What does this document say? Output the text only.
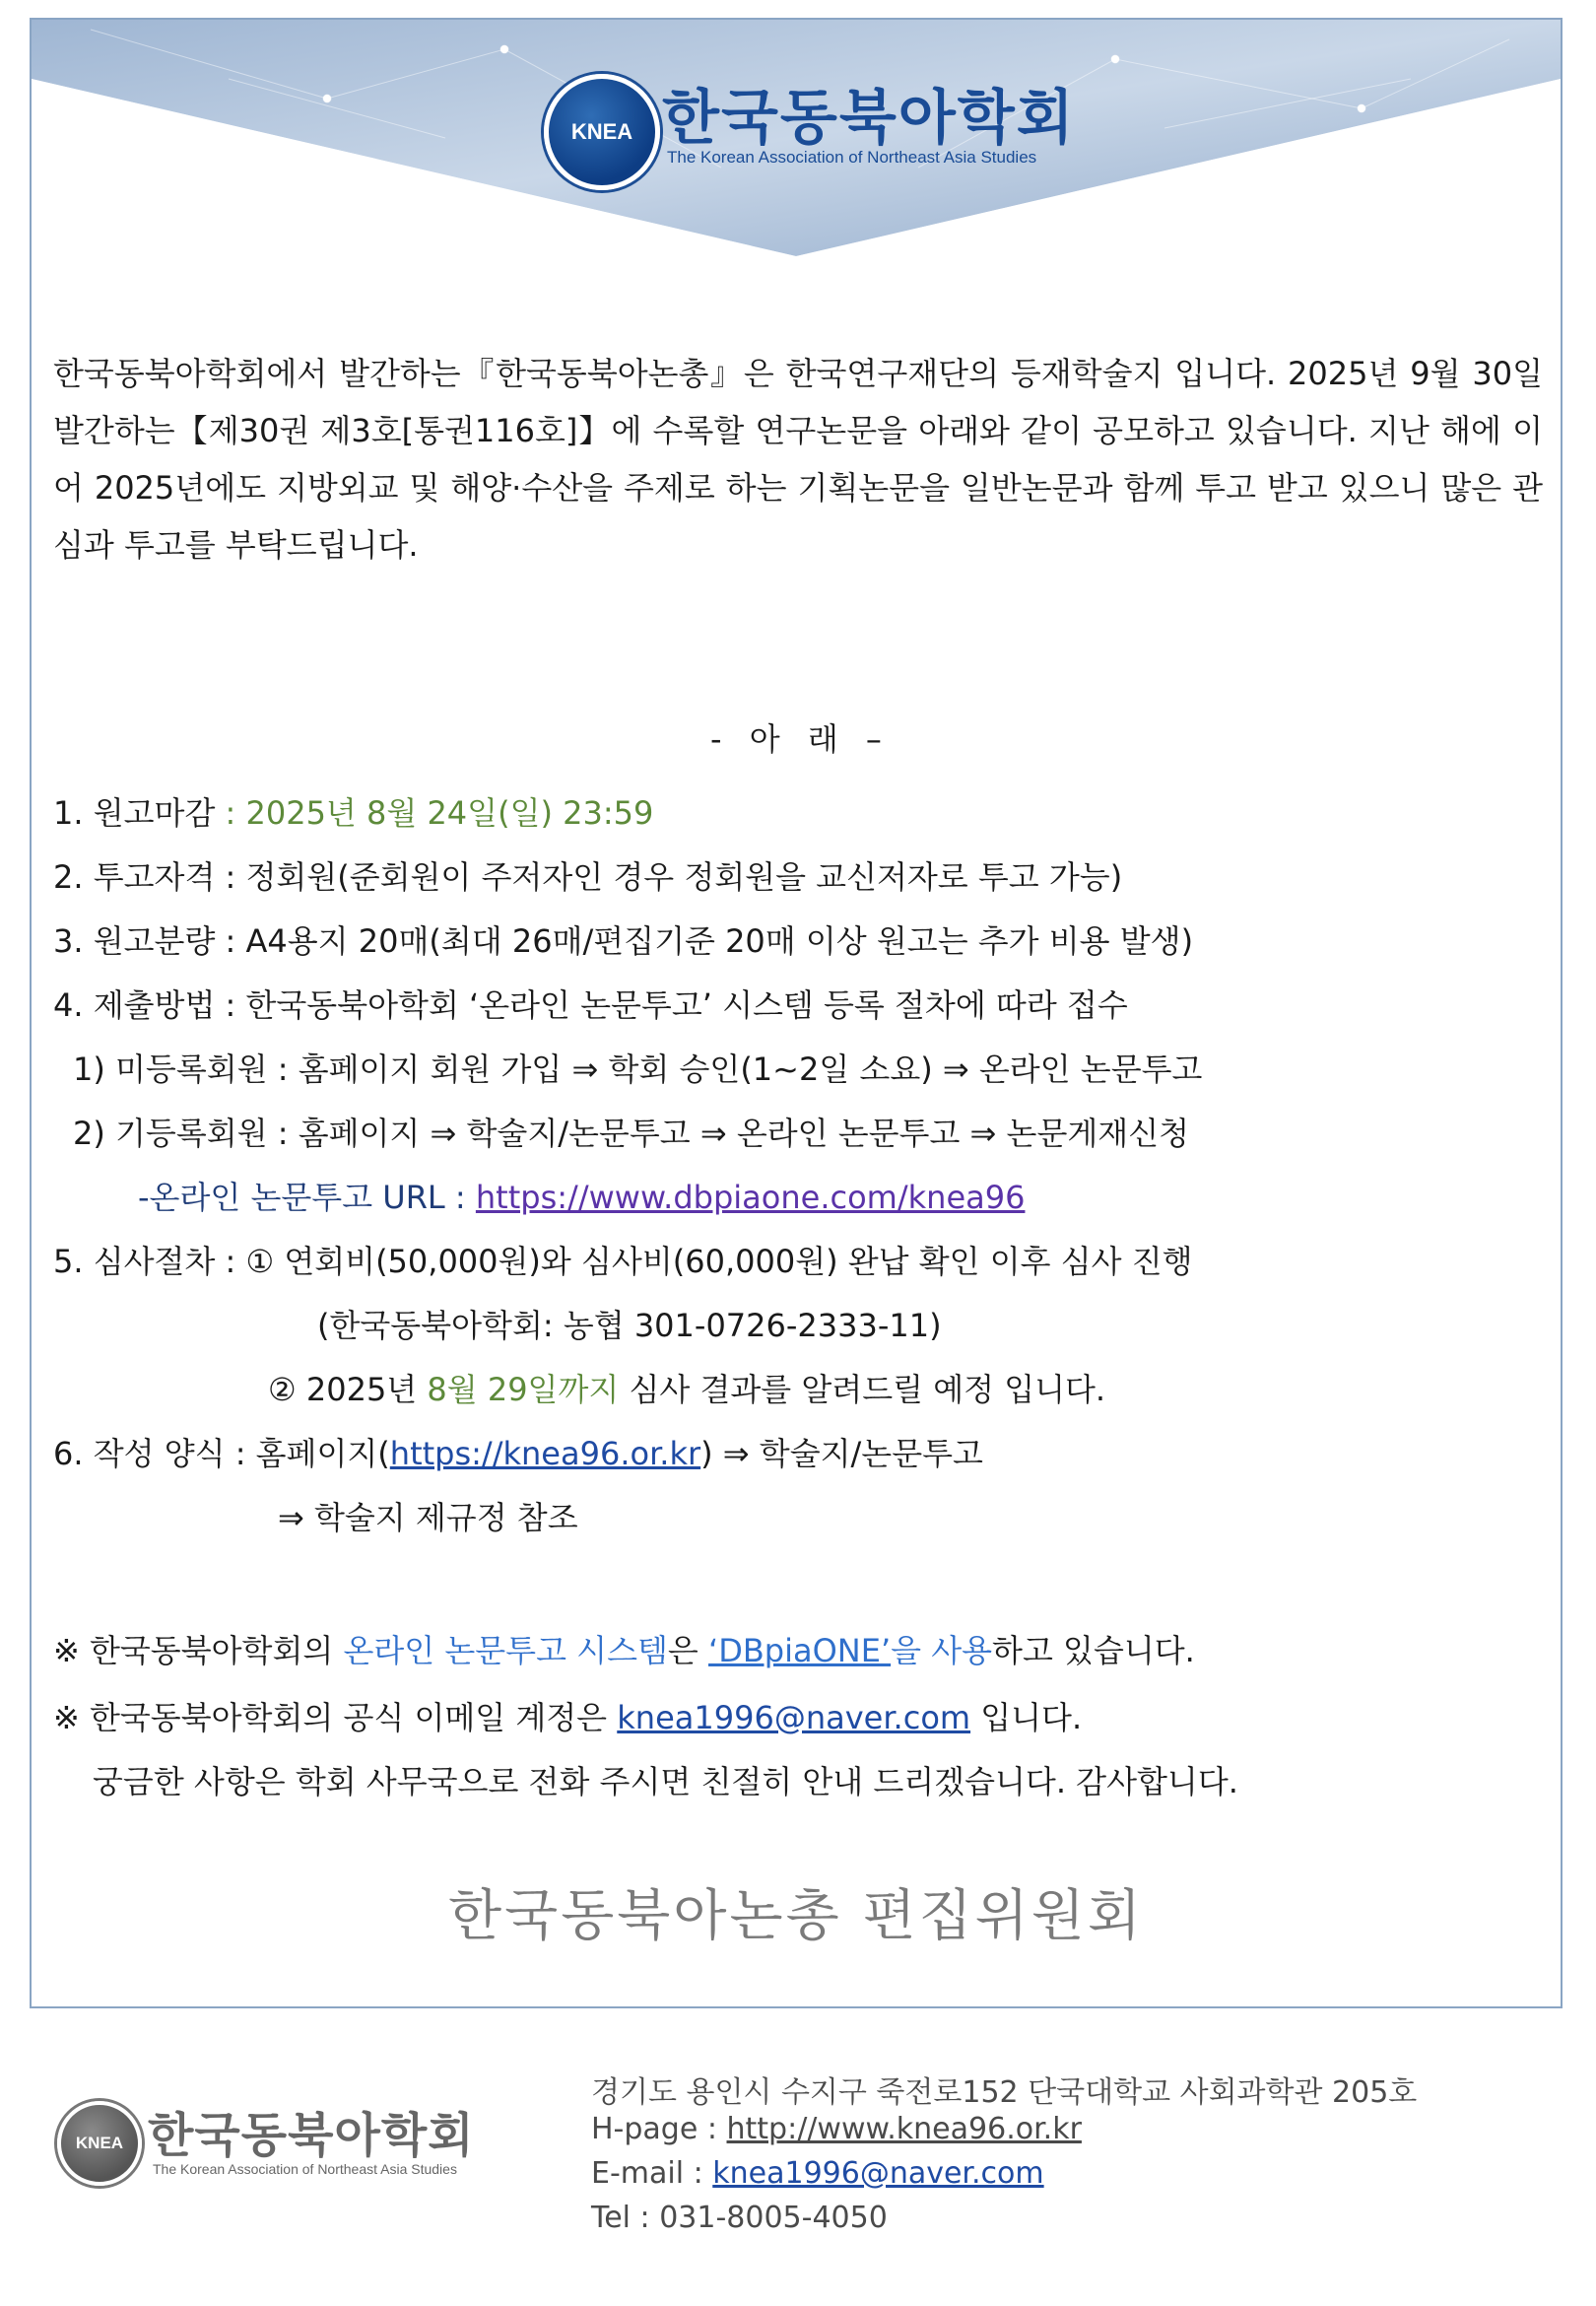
KNEA 한국동북아학회
The Korean Association of Northeast Asia Studies
한국동북아학회에서 발간하는『한국동북아논총』은 한국연구재단의 등재학술지 입니다. 2025년 9월 30일 발간하는【제30권 제3호[통권116호]】에 수록할 연구논문을 아래와 같이 공모하고 있습니다. 지난 해에 이어 2025년에도 지방외교 및 해양·수산을 주제로 하는 기획논문을 일반논문과 함께 투고 받고 있으니 많은 관심과 투고를 부탁드립니다.
- 아 래 –
1. 원고마감 : 2025년 8월 24일(일) 23:59
2. 투고자격 : 정회원(준회원이 주저자인 경우 정회원을 교신저자로 투고 가능)
3. 원고분량 : A4용지 20매(최대 26매/편집기준 20매 이상 원고는 추가 비용 발생)
4. 제출방법 : 한국동북아학회 ‘온라인 논문투고’ 시스템 등록 절차에 따라 접수
1) 미등록회원 : 홈페이지 회원 가입 ⇒ 학회 승인(1~2일 소요) ⇒ 온라인 논문투고
2) 기등록회원 : 홈페이지 ⇒ 학술지/논문투고 ⇒ 온라인 논문투고 ⇒ 논문게재신청
-온라인 논문투고 URL : https://www.dbpiaone.com/knea96
5. 심사절차 : ① 연회비(50,000원)와 심사비(60,000원) 완납 확인 이후 심사 진행
(한국동북아학회: 농협 301-0726-2333-11)
② 2025년 8월 29일까지 심사 결과를 알려드릴 예정 입니다.
6. 작성 양식 : 홈페이지(https://knea96.or.kr) ⇒ 학술지/논문투고
⇒ 학술지 제규정 참조
※ 한국동북아학회의 온라인 논문투고 시스템은 ‘DBpiaONE’을 사용하고 있습니다.
※ 한국동북아학회의 공식 이메일 계정은 knea1996@naver.com 입니다.
궁금한 사항은 학회 사무국으로 전화 주시면 친절히 안내 드리겠습니다. 감사합니다.
한국동북아논총 편집위원회
KNEA 한국동북아학회
The Korean Association of Northeast Asia Studies
경기도 용인시 수지구 죽전로152 단국대학교 사회과학관 205호
H-page : http://www.knea96.or.kr
E-mail : knea1996@naver.com
Tel : 031-8005-4050
